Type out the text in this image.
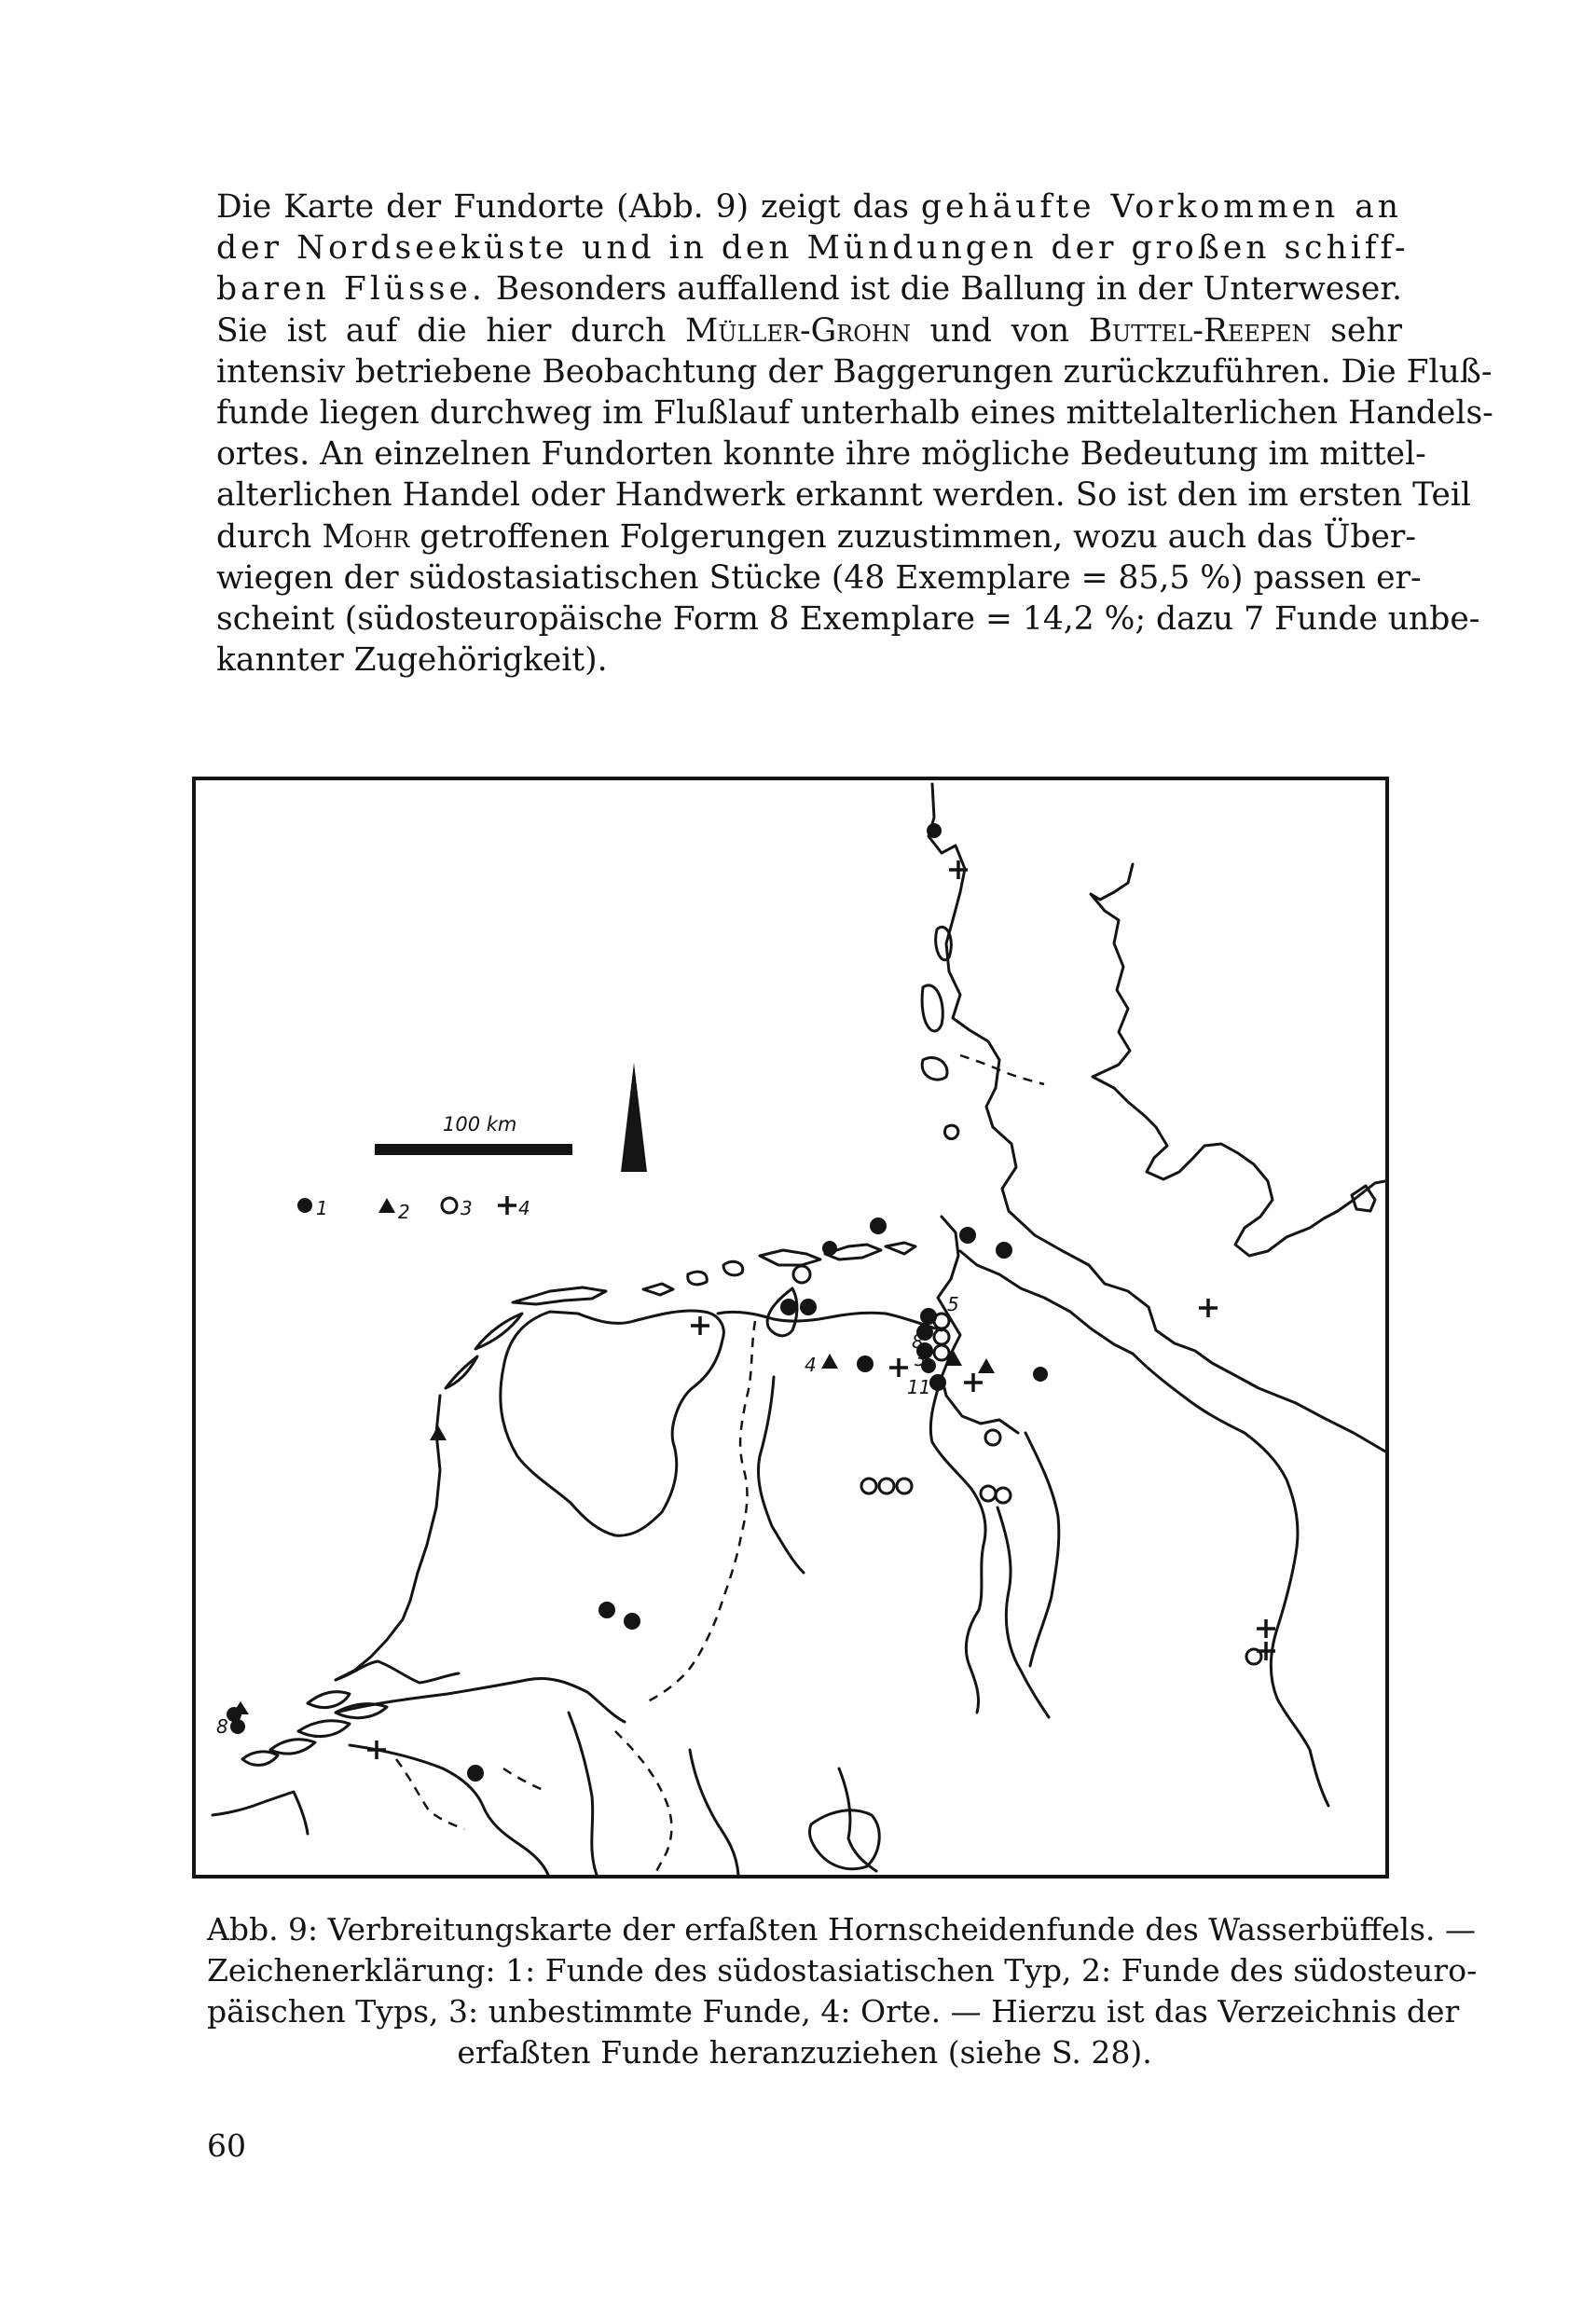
Die Karte der Fundorte (Abb. 9) zeigt das gehäufte Vorkommen an
der Nordseeküste und in den Mündungen der großen schiff-
baren Flüsse. Besonders auffallend ist die Ballung in der Unterweser.
Sie ist auf die hier durch Müller-Grohn und von Buttel-Reepen sehr
intensiv betriebene Beobachtung der Baggerungen zurückzuführen. Die Fluß-
funde liegen durchweg im Flußlauf unterhalb eines mittelalterlichen Handels-
ortes. An einzelnen Fundorten konnte ihre mögliche Bedeutung im mittel-
alterlichen Handel oder Handwerk erkannt werden. So ist den im ersten Teil
durch Mohr getroffenen Folgerungen zuzustimmen, wozu auch das Über-
wiegen der südostasiatischen Stücke (48 Exemplare = 85,5 %) passen er-
scheint (südosteuropäische Form 8 Exemplare = 14,2 %; dazu 7 Funde unbe-
kannter Zugehörigkeit).

100 km
1	2	3 4
5
8
3
11
4
8

Abb. 9: Verbreitungskarte der erfaßten Hornscheidenfunde des Wasserbüffels. —
Zeichenerklärung: 1: Funde des südostasiatischen Typ, 2: Funde des südosteuro-
päischen Typs, 3: unbestimmte Funde, 4: Orte. — Hierzu ist das Verzeichnis der
erfaßten Funde heranzuziehen (siehe S. 28).

60
